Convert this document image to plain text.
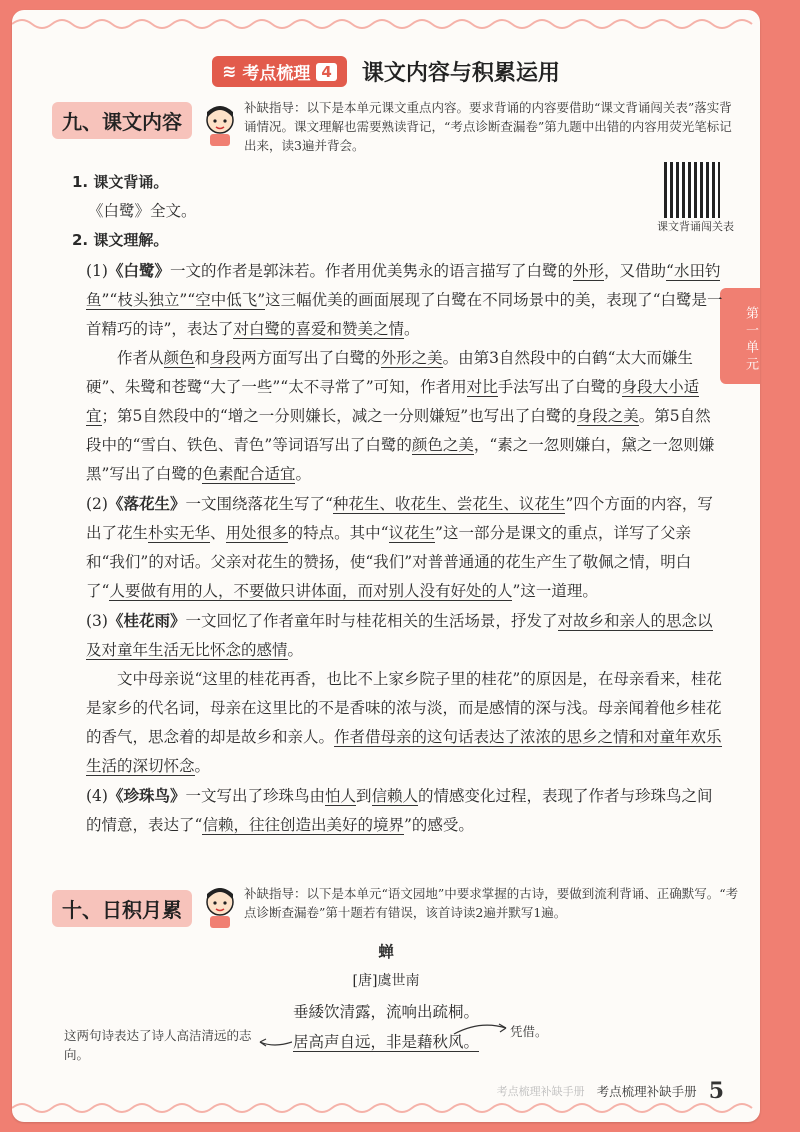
≋ 考点梳理 4 课文内容与积累运用
九、课文内容
补缺指导：以下是本单元课文重点内容。要求背诵的内容要借助“课文背诵闯关表”落实背诵情况。课文理解也需要熟读背记，“考点诊断查漏卷”第九题中出错的内容用荧光笔标记出来，读3遍并背会。
课文背诵闯关表
1. 课文背诵。
《白鹭》全文。
2. 课文理解。
第一单元

(1)《白鹭》一文的作者是郭沫若。作者用优美隽永的语言描写了白鹭的外形，又借助“水田钓鱼”“枝头独立”“空中低飞”这三幅优美的画面展现了白鹭在不同场景中的美，表现了“白鹭是一首精巧的诗”，表达了对白鹭的喜爱和赞美之情。

作者从颜色和身段两方面写出了白鹭的外形之美。由第3自然段中的白鹤“太大而嫌生硬”、朱鹭和苍鹭“大了一些”“太不寻常了”可知，作者用对比手法写出了白鹭的身段大小适宜；第5自然段中的“增之一分则嫌长，减之一分则嫌短”也写出了白鹭的身段之美。第5自然段中的“雪白、铁色、青色”等词语写出了白鹭的颜色之美，“素之一忽则嫌白，黛之一忽则嫌黑”写出了白鹭的色素配合适宜。

(2)《落花生》一文围绕落花生写了“种花生、收花生、尝花生、议花生”四个方面的内容，写出了花生朴实无华、用处很多的特点。其中“议花生”这一部分是课文的重点，详写了父亲和“我们”的对话。父亲对花生的赞扬，使“我们”对普普通通的花生产生了敬佩之情，明白了“人要做有用的人，不要做只讲体面，而对别人没有好处的人”这一道理。

(3)《桂花雨》一文回忆了作者童年时与桂花相关的生活场景，抒发了对故乡和亲人的思念以及对童年生活无比怀念的感情。

文中母亲说“这里的桂花再香，也比不上家乡院子里的桂花”的原因是，在母亲看来，桂花是家乡的代名词，母亲在这里比的不是香味的浓与淡，而是感情的深与浅。母亲闻着他乡桂花的香气，思念着的却是故乡和亲人。作者借母亲的这句话表达了浓浓的思乡之情和对童年欢乐生活的深切怀念。

(4)《珍珠鸟》一文写出了珍珠鸟由怕人到信赖人的情感变化过程，表现了作者与珍珠鸟之间的情意，表达了“信赖，往往创造出美好的境界”的感受。

十、日积月累
补缺指导：以下是本单元“语文园地”中要求掌握的古诗，要做到流利背诵、正确默写。“考点诊断查漏卷”第十题若有错误，该首诗读2遍并默写1遍。
蝉
[唐]虞世南
垂緌饮清露，流响出疏桐。
居高声自远，非是藉秋风。
凭借。
这两句诗表达了诗人高洁清远的志向。
考点梳理补缺手册 考点梳理补缺手册 5
